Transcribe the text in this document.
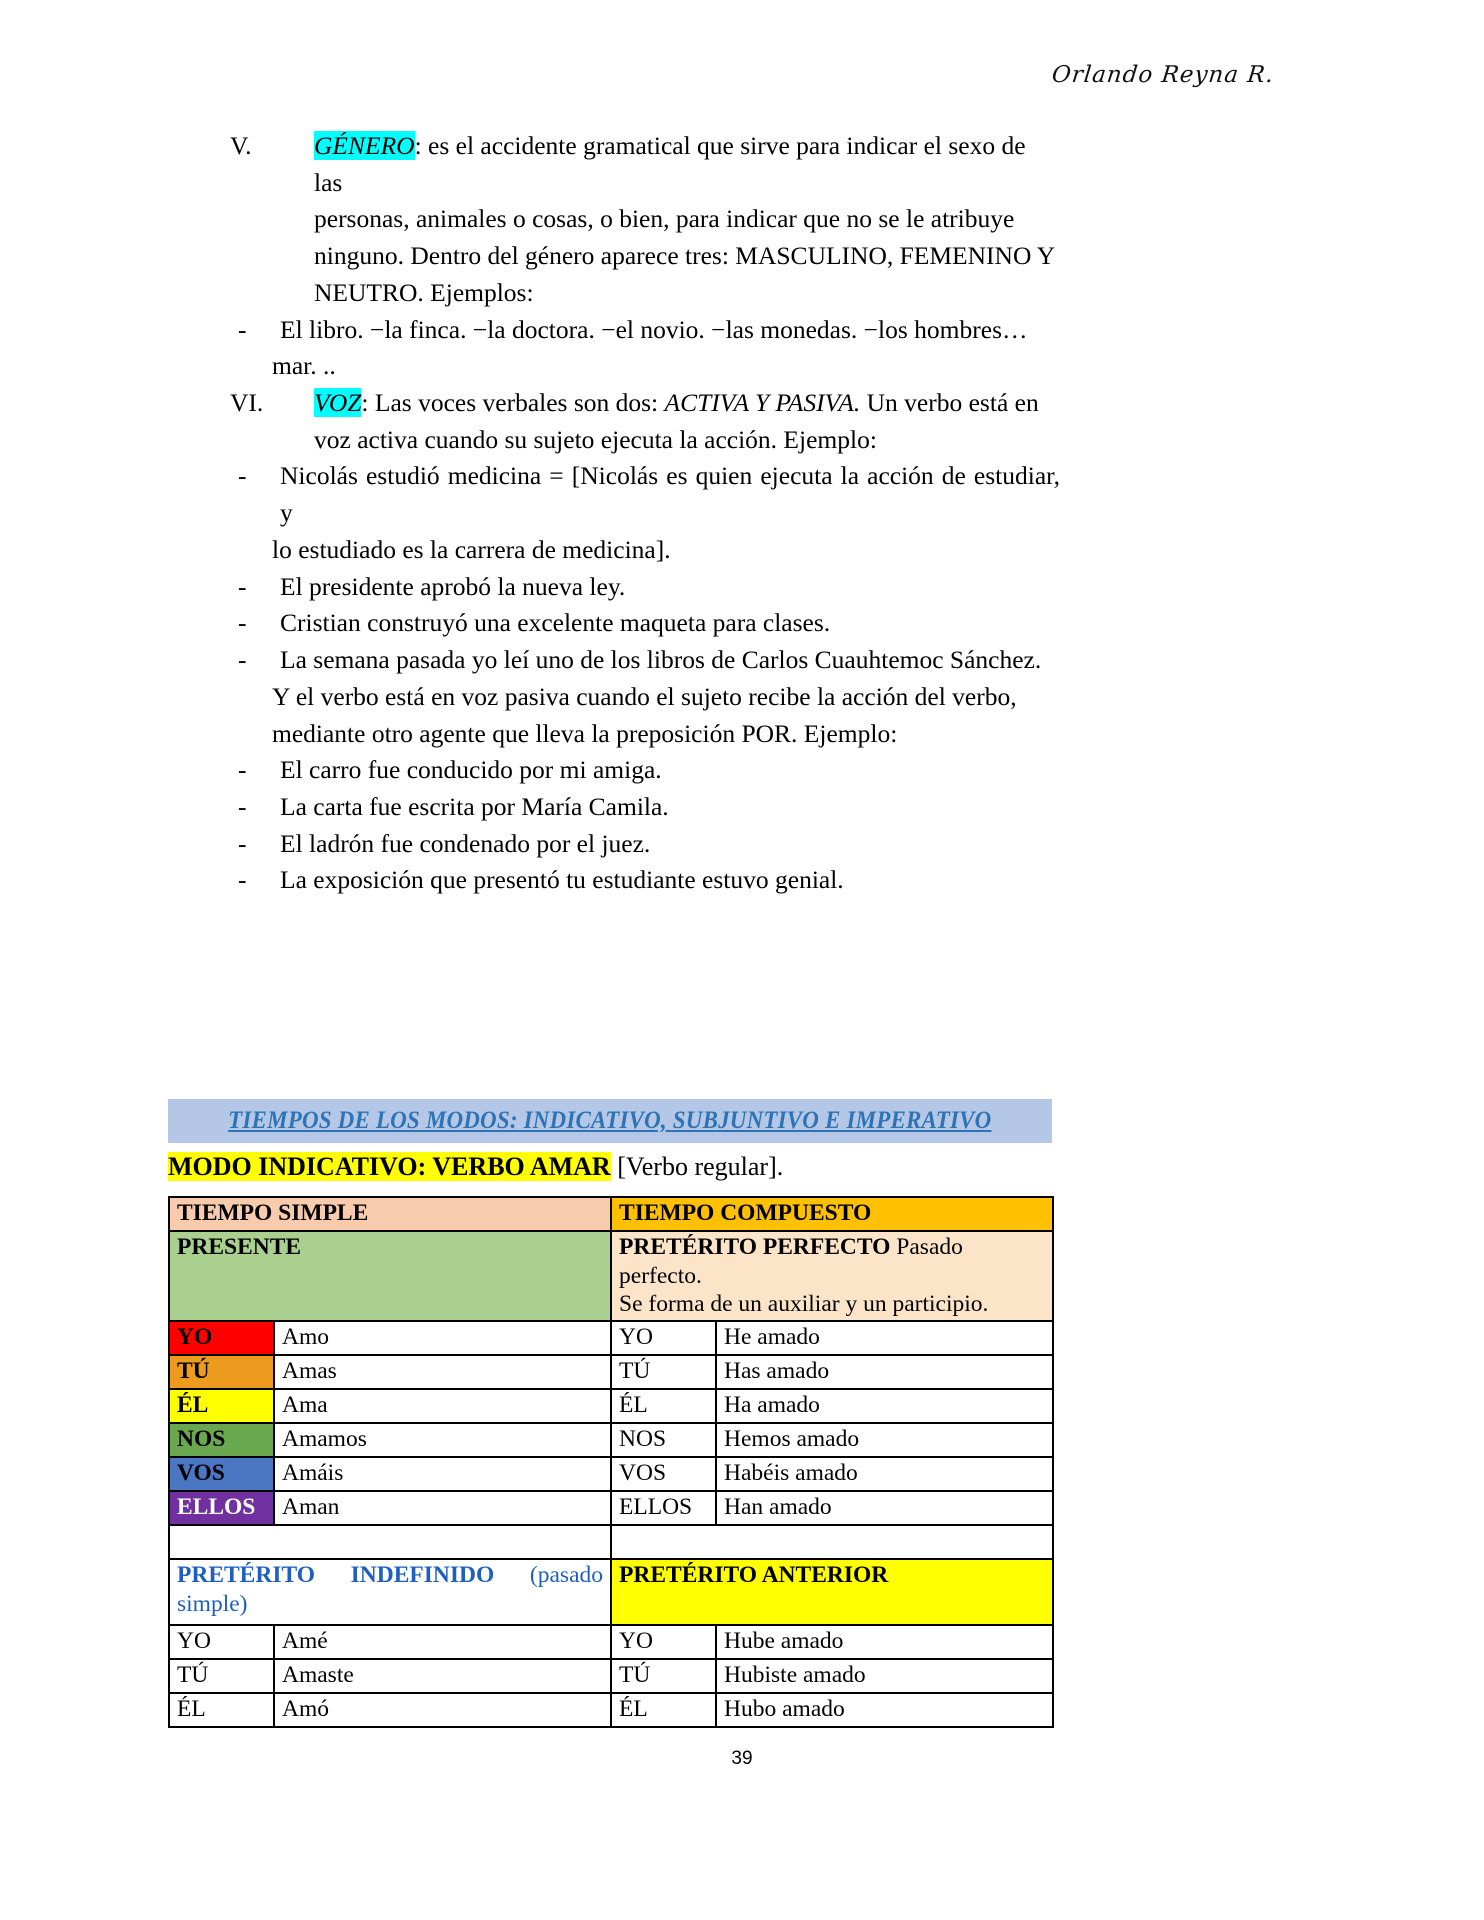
Orlando Reyna R.
V.	GÉNERO: es el accidente gramatical que sirve para indicar el sexo de las
personas, animales o cosas, o bien, para indicar que no se le atribuye
ninguno. Dentro del género aparece tres: MASCULINO, FEMENINO Y
NEUTRO. Ejemplos:
-	El libro. −la finca. −la doctora. −el novio. −las monedas. −los hombres…
mar. ..
VI.	VOZ: Las voces verbales son dos: ACTIVA Y PASIVA. Un verbo está en
voz activa cuando su sujeto ejecuta la acción. Ejemplo:
-	Nicolás estudió medicina = [Nicolás es quien ejecuta la acción de estudiar, y
lo estudiado es la carrera de medicina].
-	El presidente aprobó la nueva ley.
-	Cristian construyó una excelente maqueta para clases.
-	La semana pasada yo leí uno de los libros de Carlos Cuauhtemoc Sánchez.
Y el verbo está en voz pasiva cuando el sujeto recibe la acción del verbo,
mediante otro agente que lleva la preposición POR. Ejemplo:
-	El carro fue conducido por mi amiga.
-	La carta fue escrita por María Camila.
-	El ladrón fue condenado por el juez.
-	La exposición que presentó tu estudiante estuvo genial.
TIEMPOS DE LOS MODOS: INDICATIVO, SUBJUNTIVO E IMPERATIVO
MODO INDICATIVO: VERBO AMAR [Verbo regular].
TIEMPO SIMPLE		TIEMPO COMPUESTO	
PRESENTE		PRETÉRITO PERFECTO Pasado perfecto.
Se forma de un auxiliar y un participio.	
YO	Amo	YO	He amado
TÚ	Amas	TÚ	Has amado
ÉL	Ama	ÉL	Ha amado
NOS	Amamos	NOS	Hemos amado
VOS	Amáis	VOS	Habéis amado
ELLOS	Aman	ELLOS	Han amado

PRETÉRITO INDEFINIDO (pasado
simple)		PRETÉRITO ANTERIOR	
YO	Amé	YO	Hube amado
TÚ	Amaste	TÚ	Hubiste amado
ÉL	Amó	ÉL	Hubo amado
39
